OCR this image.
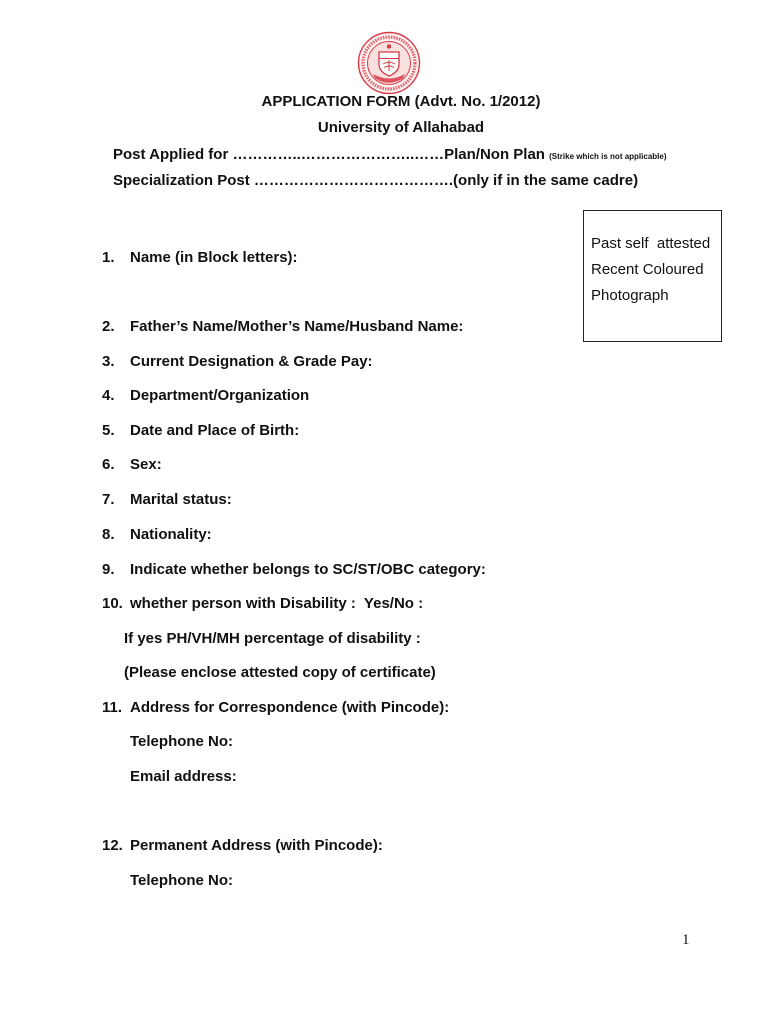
APPLICATION FORM (Advt. No. 1/2012)
University of Allahabad
Post Applied for …………..…………………..……Plan/Non Plan (Strike which is not applicable)
Specialization Post ………………………………….(only if in the same cadre)
Past self  attested
Recent Coloured
Photograph
1. Name (in Block letters):
2. Father’s Name/Mother’s Name/Husband Name:
3. Current Designation & Grade Pay:
4. Department/Organization
5. Date and Place of Birth:
6. Sex:
7. Marital status:
8. Nationality:
9. Indicate whether belongs to SC/ST/OBC category:
10. whether person with Disability :  Yes/No :
If yes PH/VH/MH percentage of disability :
(Please enclose attested copy of certificate)
11. Address for Correspondence (with Pincode):
Telephone No:
Email address:
12. Permanent Address (with Pincode):
Telephone No:
1
